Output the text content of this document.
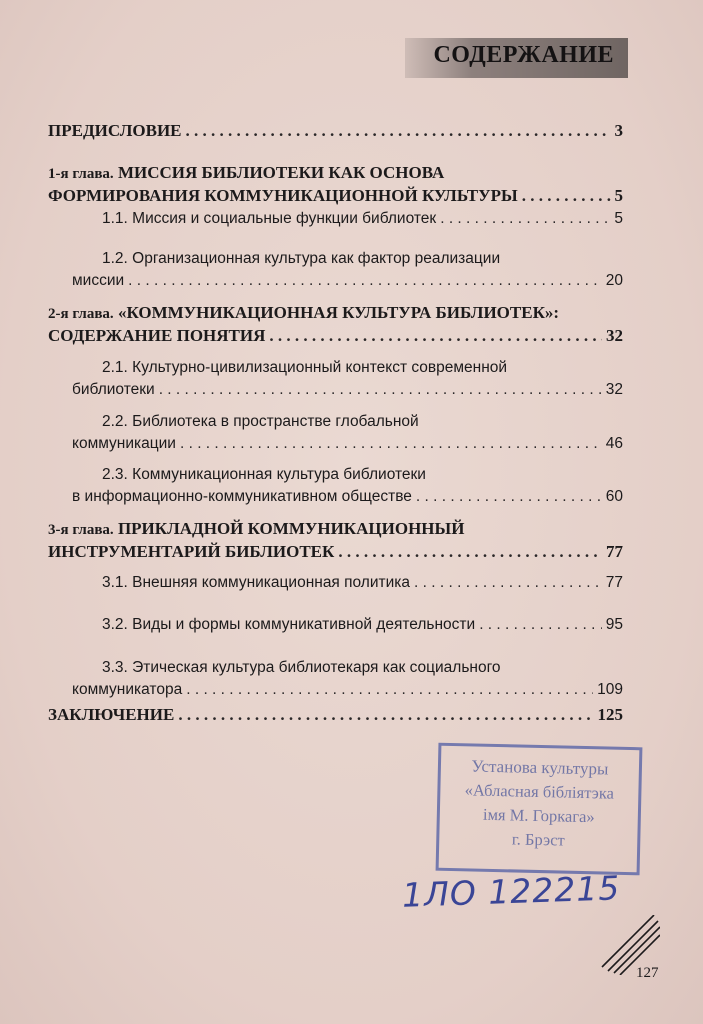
СОДЕРЖАНИЕ
ПРЕДИСЛОВИЕ . . .	3
1-я глава.
МИССИЯ БИБЛИОТЕКИ КАК ОСНОВА
ФОРМИРОВАНИЯ КОММУНИКАЦИОННОЙ КУЛЬТУРЫ . . .	5
1.1. Миссия и социальные функции библиотек . . .	5
1.2. Организационная культура как фактор реализации
миссии . . .	20
2-я глава.
«КОММУНИКАЦИОННАЯ КУЛЬТУРА БИБЛИОТЕК»:
СОДЕРЖАНИЕ ПОНЯТИЯ . . .	32
2.1. Культурно-цивилизационный контекст современной
библиотеки . . .	32
2.2. Библиотека в пространстве глобальной
коммуникации . . .	46
2.3. Коммуникационная культура библиотеки
в информационно-коммуникативном обществе . . .	60
3-я глава.
ПРИКЛАДНОЙ КОММУНИКАЦИОННЫЙ
ИНСТРУМЕНТАРИЙ БИБЛИОТЕК . . .	77
3.1. Внешняя коммуникационная политика . . .	77
3.2. Виды и формы коммуникативной деятельности . . .	95
3.3. Этическая культура библиотекаря как социального
коммуникатора . . .	109
ЗАКЛЮЧЕНИЕ . . .	125
Установа культуры
«Абласная бібліятэка
імя М. Горкага»
г. Брэст
1ЛО 122215
127
